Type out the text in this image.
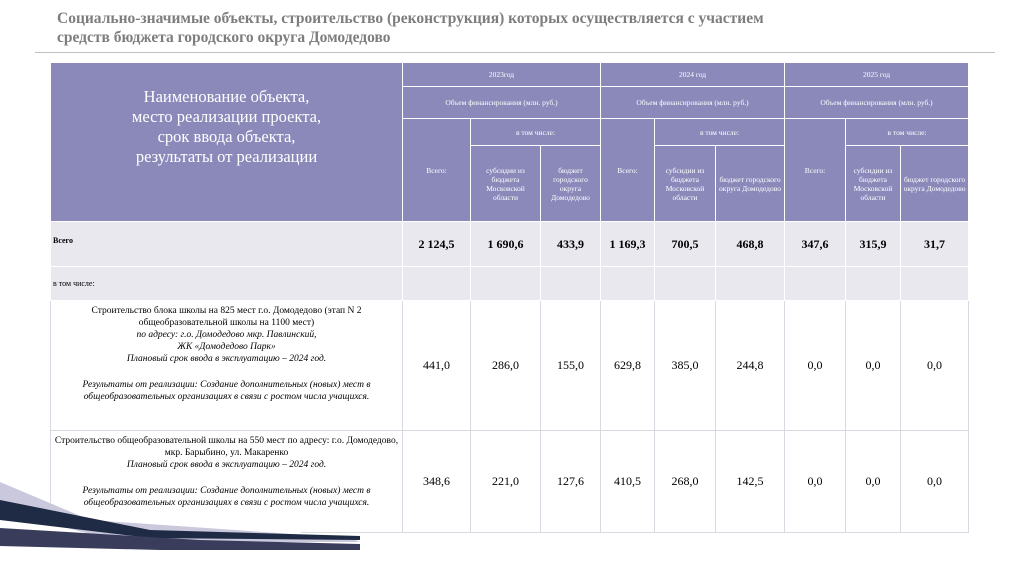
Социально-значимые объекты, строительство (реконструкция) которых осуществляется с участием
средств бюджета городского округа Домодедово
Наименование объекта,
место реализации проекта,
срок ввода объекта,
результаты от реализации	2023год			2024 год			2025 год		
	Объем финансирования (млн. руб.)			Объем финансирования (млн. руб.)			Объем финансирования (млн. руб.)		
	Всего:	в том числе:		Всего:	в том числе:		Всего:	в том числе:	
		субсидии из бюджета Московской области	бюджет городского округа Домодедово		субсидии из бюджета Московской области	бюджет городского округа Домодедово		субсидии из бюджета Московской области	бюджет городского округа Домодедово
Всего	2 124,5	1 690,6	433,9	1 169,3	700,5	468,8	347,6	315,9	31,7
в том числе:									
Строительство блока школы на 825 мест г.о. Домодедово (этап N 2 общеобразовательной школы на 1100 мест)
по адресу: г.о. Домодедово мкр. Павлинский,
ЖК «Домодедово Парк»
Плановый срок ввода в эксплуатацию – 2024 год.
Результаты от реализации: Создание дополнительных (новых) мест в общеобразовательных организациях в связи с ростом числа учащихся.	441,0	286,0	155,0	629,8	385,0	244,8	0,0	0,0	0,0
Строительство общеобразовательной школы на 550 мест по адресу: г.о. Домодедово, мкр. Барыбино, ул. Макаренко
Плановый срок ввода в эксплуатацию – 2024 год.
Результаты от реализации: Создание дополнительных (новых) мест в общеобразовательных организациях в связи с ростом числа учащихся.	348,6	221,0	127,6	410,5	268,0	142,5	0,0	0,0	0,0
